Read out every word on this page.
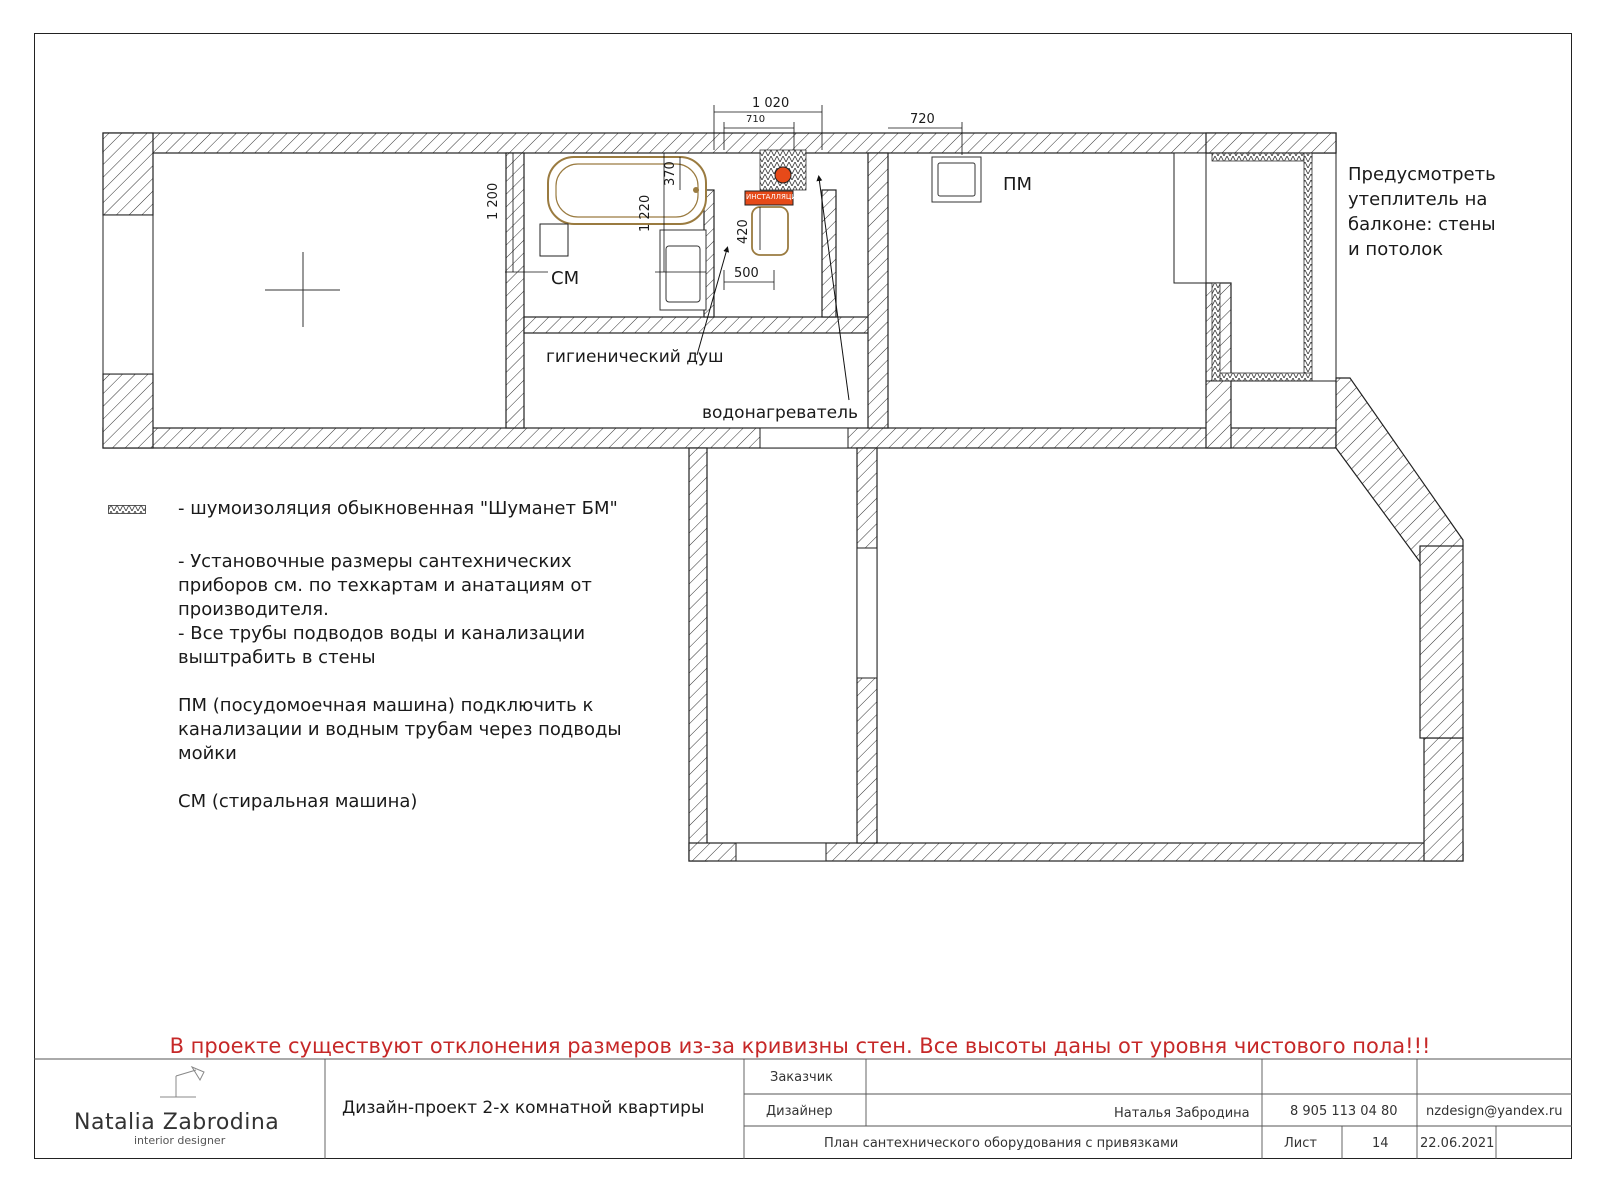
1 020
710	720
1 200	1 220
370
420
500
СМ
ПМ
ИНСТАЛЛЯЦИЯ
гигиенический душ
водонагреватель

Предусмотреть

утеплитель на

балконе: стены

и потолок

- шумоизоляция обыкновенная "Шуманет БМ"

- Установочные размеры сантехнических

приборов см. по техкартам и анатациям от

производителя.

- Все трубы подводов воды и канализации

выштрабить в стены

ПМ (посудомоечная машина) подключить к

канализации и водным трубам через подводы

мойки

СМ (стиральная машина)

В проекте существуют отклонения размеров из-за кривизны стен. Все высоты даны от уровня чистового пола!!!
Natalia Zabrodina
interior designer
Дизайн-проект 2-х комнатной квартиры
Заказчик
Дизайнер	Наталья Забродина	8 905 113 04 80 nzdesign@yandex.ru
План сантехнического оборудования с привязками	Лист	14 22.06.2021
